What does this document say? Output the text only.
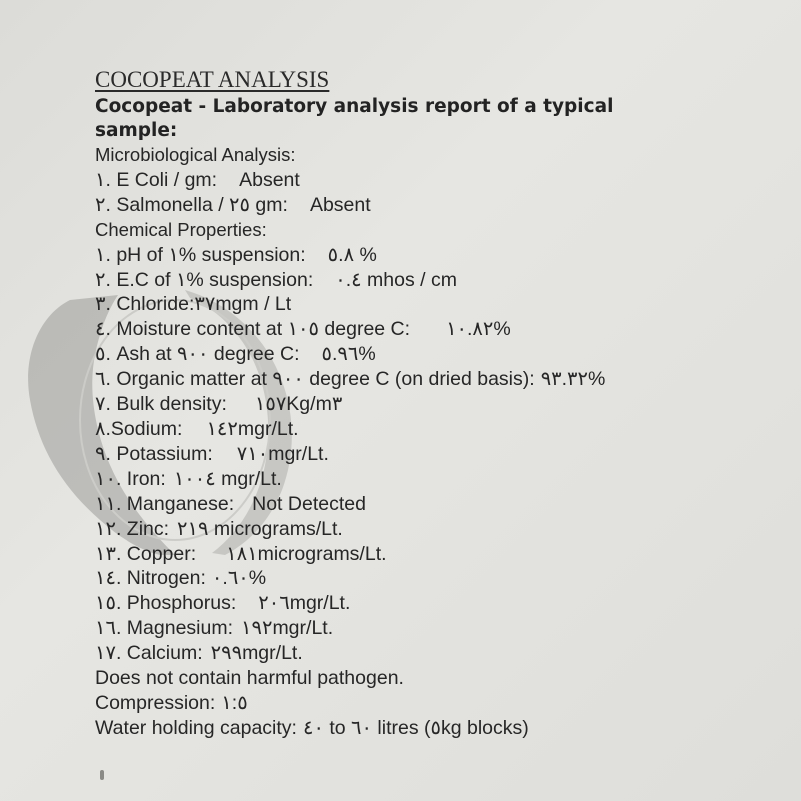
COCOPEAT ANALYSIS

Cocopeat - Laboratory analysis report of a typical sample:

Microbiological Analysis:
١. E Coli / gm: Absent
٢. Salmonella / ٢٥ gm: Absent
Chemical Properties:
١. pH of ١% suspension: ٥.٨ %
٢. E.C of ١% suspension: ٠.٤ mhos / cm
٣. Chloride:٣٧mgm / Lt
٤. Moisture content at ١٠٥ degree C: ١٠.٨٢%
٥. Ash at ٩٠٠ degree C: ٥.٩٦%
٦. Organic matter at ٩٠٠ degree C (on dried basis): ٩٣.٣٢%
٧. Bulk density: ١٥٧Kg/m٣
٨.Sodium: ١٤٢mgr/Lt.
٩. Potassium: ٧١٠mgr/Lt.
١٠. Iron: ١٠٠٤ mgr/Lt.
١١. Manganese: Not Detected
١٢. Zinc: ٢١٩ micrograms/Lt.
١٣. Copper: ١٨١micrograms/Lt.
١٤. Nitrogen: ٠.٦٠%
١٥. Phosphorus: ٢٠٦mgr/Lt.
١٦. Magnesium: ١٩٢mgr/Lt.
١٧. Calcium: ٢٩٩mgr/Lt.
Does not contain harmful pathogen.
Compression: ١:٥
Water holding capacity: ٤٠ to ٦٠ litres (٥kg blocks)
